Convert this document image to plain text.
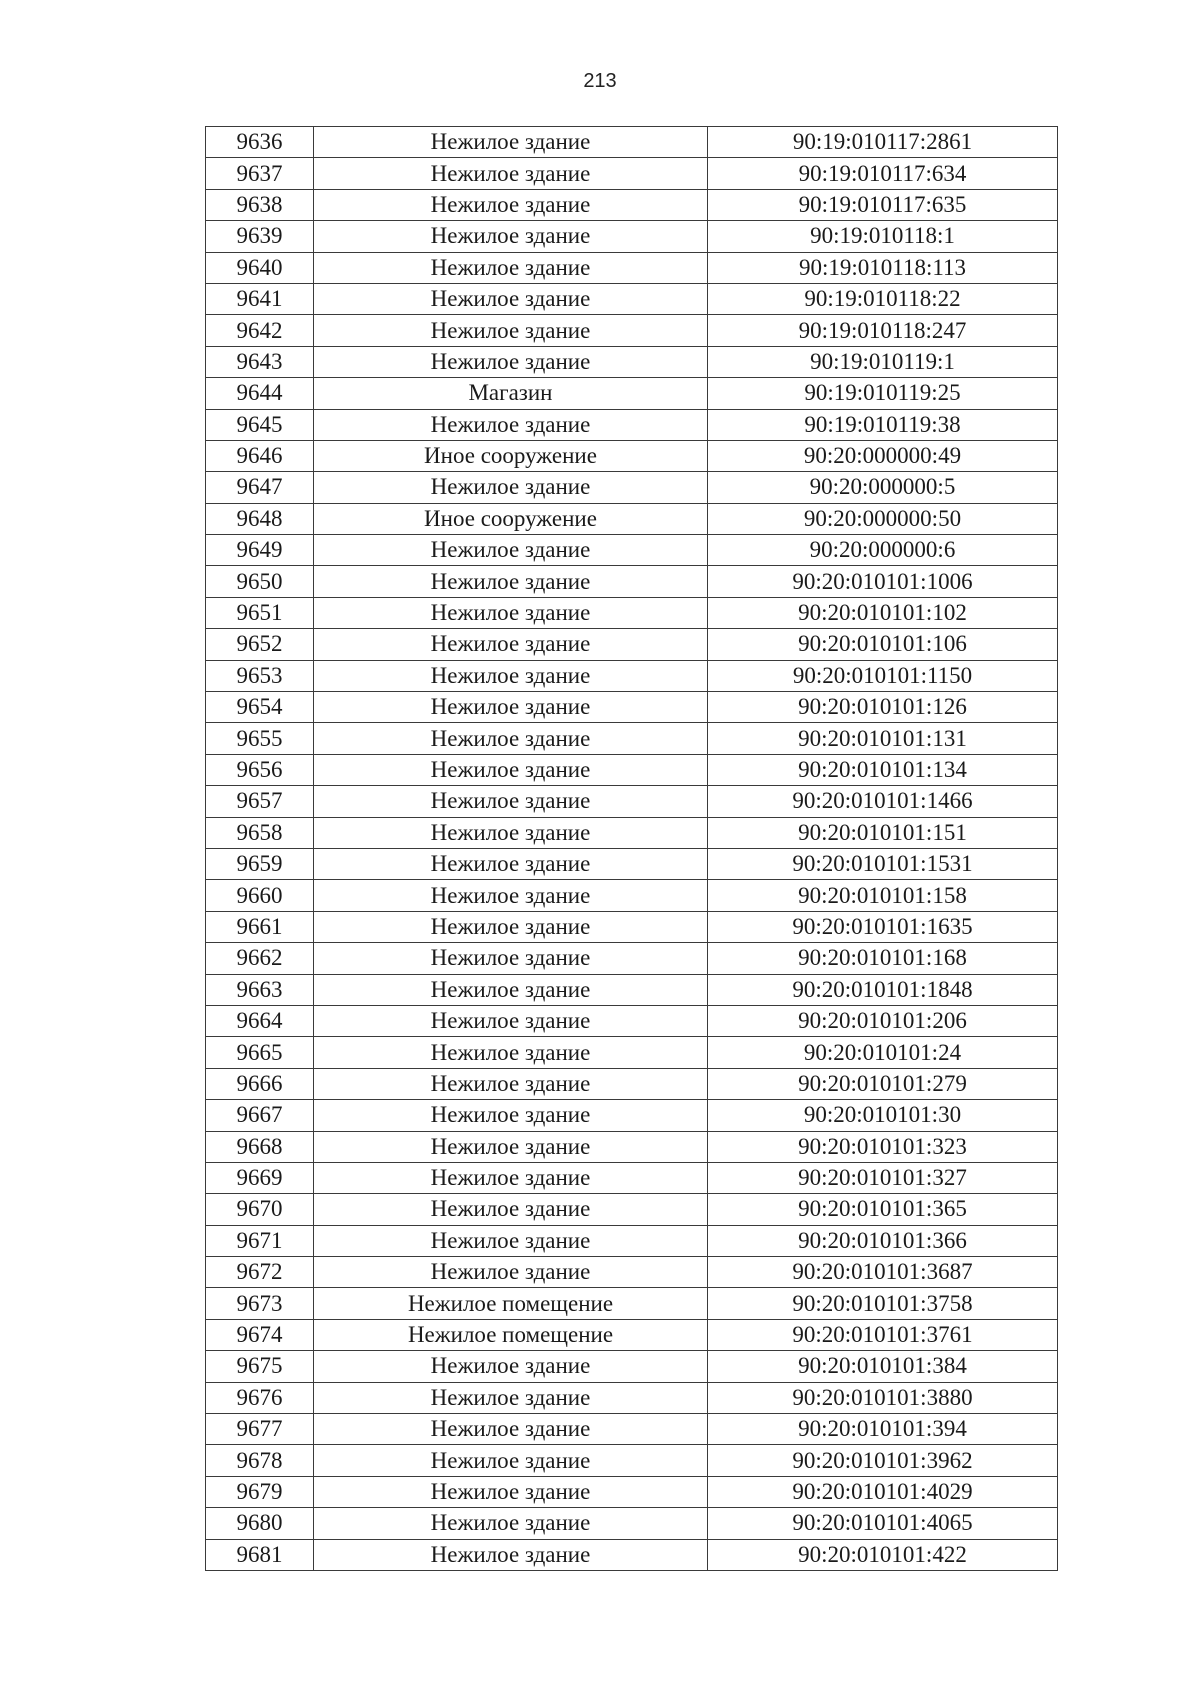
213
9636	Нежилое здание	90:19:010117:2861
9637	Нежилое здание	90:19:010117:634
9638	Нежилое здание	90:19:010117:635
9639	Нежилое здание	90:19:010118:1
9640	Нежилое здание	90:19:010118:113
9641	Нежилое здание	90:19:010118:22
9642	Нежилое здание	90:19:010118:247
9643	Нежилое здание	90:19:010119:1
9644	Магазин	90:19:010119:25
9645	Нежилое здание	90:19:010119:38
9646	Иное сооружение	90:20:000000:49
9647	Нежилое здание	90:20:000000:5
9648	Иное сооружение	90:20:000000:50
9649	Нежилое здание	90:20:000000:6
9650	Нежилое здание	90:20:010101:1006
9651	Нежилое здание	90:20:010101:102
9652	Нежилое здание	90:20:010101:106
9653	Нежилое здание	90:20:010101:1150
9654	Нежилое здание	90:20:010101:126
9655	Нежилое здание	90:20:010101:131
9656	Нежилое здание	90:20:010101:134
9657	Нежилое здание	90:20:010101:1466
9658	Нежилое здание	90:20:010101:151
9659	Нежилое здание	90:20:010101:1531
9660	Нежилое здание	90:20:010101:158
9661	Нежилое здание	90:20:010101:1635
9662	Нежилое здание	90:20:010101:168
9663	Нежилое здание	90:20:010101:1848
9664	Нежилое здание	90:20:010101:206
9665	Нежилое здание	90:20:010101:24
9666	Нежилое здание	90:20:010101:279
9667	Нежилое здание	90:20:010101:30
9668	Нежилое здание	90:20:010101:323
9669	Нежилое здание	90:20:010101:327
9670	Нежилое здание	90:20:010101:365
9671	Нежилое здание	90:20:010101:366
9672	Нежилое здание	90:20:010101:3687
9673	Нежилое помещение	90:20:010101:3758
9674	Нежилое помещение	90:20:010101:3761
9675	Нежилое здание	90:20:010101:384
9676	Нежилое здание	90:20:010101:3880
9677	Нежилое здание	90:20:010101:394
9678	Нежилое здание	90:20:010101:3962
9679	Нежилое здание	90:20:010101:4029
9680	Нежилое здание	90:20:010101:4065
9681	Нежилое здание	90:20:010101:422
